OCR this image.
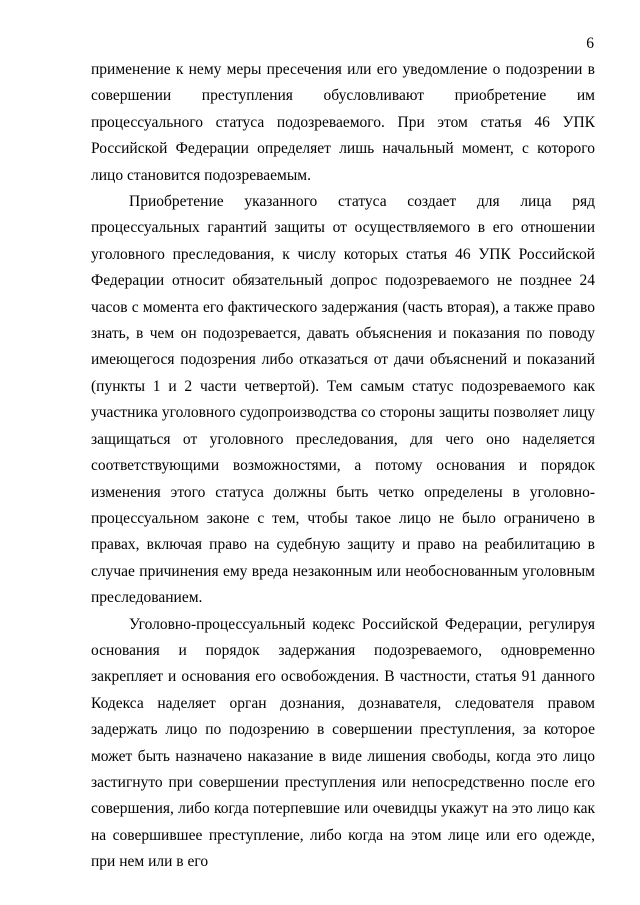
6

применение к нему меры пресечения или его уведомление о подозрении в совершении преступления обусловливают приобретение им процессуального статуса подозреваемого. При этом статья 46 УПК Российской Федерации определяет лишь начальный момент, с которого лицо становится подозреваемым.

Приобретение указанного статуса создает для лица ряд процессуальных гарантий защиты от осуществляемого в его отношении уголовного преследования, к числу которых статья 46 УПК Российской Федерации относит обязательный допрос подозреваемого не позднее 24 часов с момента его фактического задержания (часть вторая), а также право знать, в чем он подозревается, давать объяснения и показания по поводу имеющегося подозрения либо отказаться от дачи объяснений и показаний (пункты 1 и 2 части четвертой). Тем самым статус подозреваемого как участника уголовного судопроизводства со стороны защиты позволяет лицу защищаться от уголовного преследования, для чего оно наделяется соответствующими возможностями, а потому основания и порядок изменения этого статуса должны быть четко определены в уголовно-процессуальном законе с тем, чтобы такое лицо не было ограничено в правах, включая право на судебную защиту и право на реабилитацию в случае причинения ему вреда незаконным или необоснованным уголовным преследованием.

Уголовно-процессуальный кодекс Российской Федерации, регулируя основания и порядок задержания подозреваемого, одновременно закрепляет и основания его освобождения. В частности, статья 91 данного Кодекса наделяет орган дознания, дознавателя, следователя правом задержать лицо по подозрению в совершении преступления, за которое может быть назначено наказание в виде лишения свободы, когда это лицо застигнуто при совершении преступления или непосредственно после его совершения, либо когда потерпевшие или очевидцы укажут на это лицо как на совершившее преступление, либо когда на этом лице или его одежде, при нем или в его
